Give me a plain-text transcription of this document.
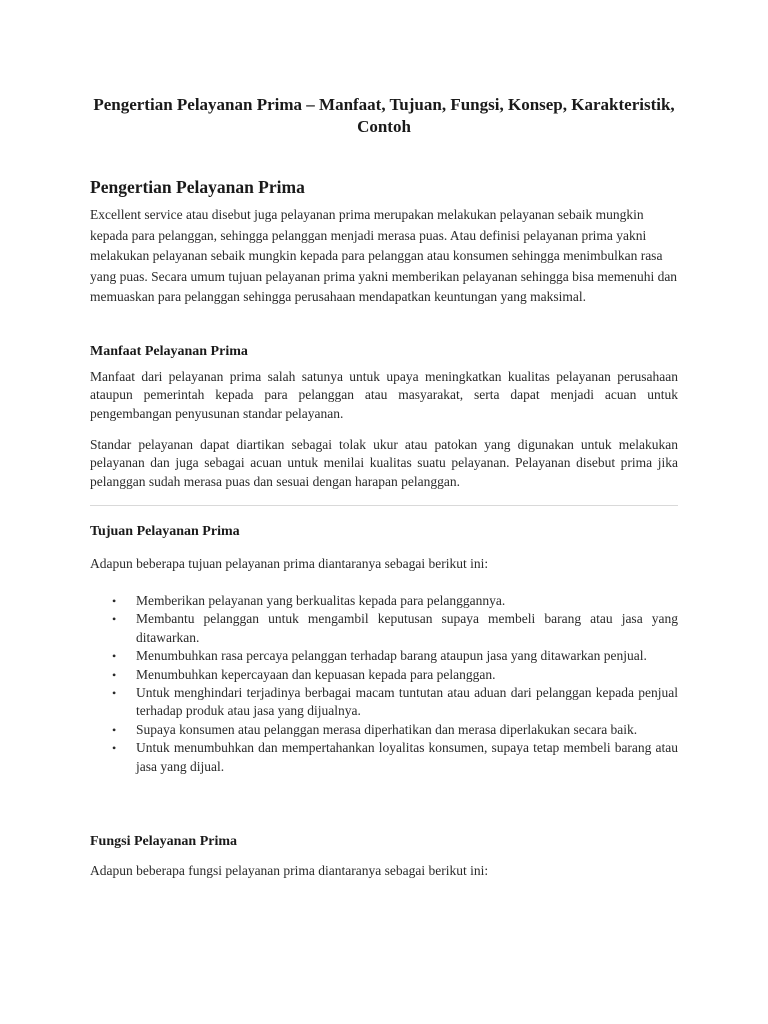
Pengertian Pelayanan Prima – Manfaat, Tujuan, Fungsi, Konsep, Karakteristik, Contoh
Pengertian Pelayanan Prima

Excellent service atau disebut juga pelayanan prima merupakan melakukan pelayanan sebaik mungkin kepada para pelanggan, sehingga pelanggan menjadi merasa puas. Atau definisi pelayanan prima yakni melakukan pelayanan sebaik mungkin kepada para pelanggan atau konsumen sehingga menimbulkan rasa yang puas. Secara umum tujuan pelayanan prima yakni memberikan pelayanan sehingga bisa memenuhi dan memuaskan para pelanggan sehingga perusahaan mendapatkan keuntungan yang maksimal.

Manfaat Pelayanan Prima

Manfaat dari pelayanan prima salah satunya untuk upaya meningkatkan kualitas pelayanan perusahaan ataupun pemerintah kepada para pelanggan atau masyarakat, serta dapat menjadi acuan untuk pengembangan penyusunan standar pelayanan.

Standar pelayanan dapat diartikan sebagai tolak ukur atau patokan yang digunakan untuk melakukan pelayanan dan juga sebagai acuan untuk menilai kualitas suatu pelayanan. Pelayanan disebut prima jika pelanggan sudah merasa puas dan sesuai dengan harapan pelanggan.

Tujuan Pelayanan Prima

Adapun beberapa tujuan pelayanan prima diantaranya sebagai berikut ini:

• Memberikan pelayanan yang berkualitas kepada para pelanggannya.
• Membantu pelanggan untuk mengambil keputusan supaya membeli barang atau jasa yang ditawarkan.
• Menumbuhkan rasa percaya pelanggan terhadap barang ataupun jasa yang ditawarkan penjual.
• Menumbuhkan kepercayaan dan kepuasan kepada para pelanggan.
• Untuk menghindari terjadinya berbagai macam tuntutan atau aduan dari pelanggan kepada penjual terhadap produk atau jasa yang dijualnya.
• Supaya konsumen atau pelanggan merasa diperhatikan dan merasa diperlakukan secara baik.
• Untuk menumbuhkan dan mempertahankan loyalitas konsumen, supaya tetap membeli barang atau jasa yang dijual.
Fungsi Pelayanan Prima

Adapun beberapa fungsi pelayanan prima diantaranya sebagai berikut ini:
